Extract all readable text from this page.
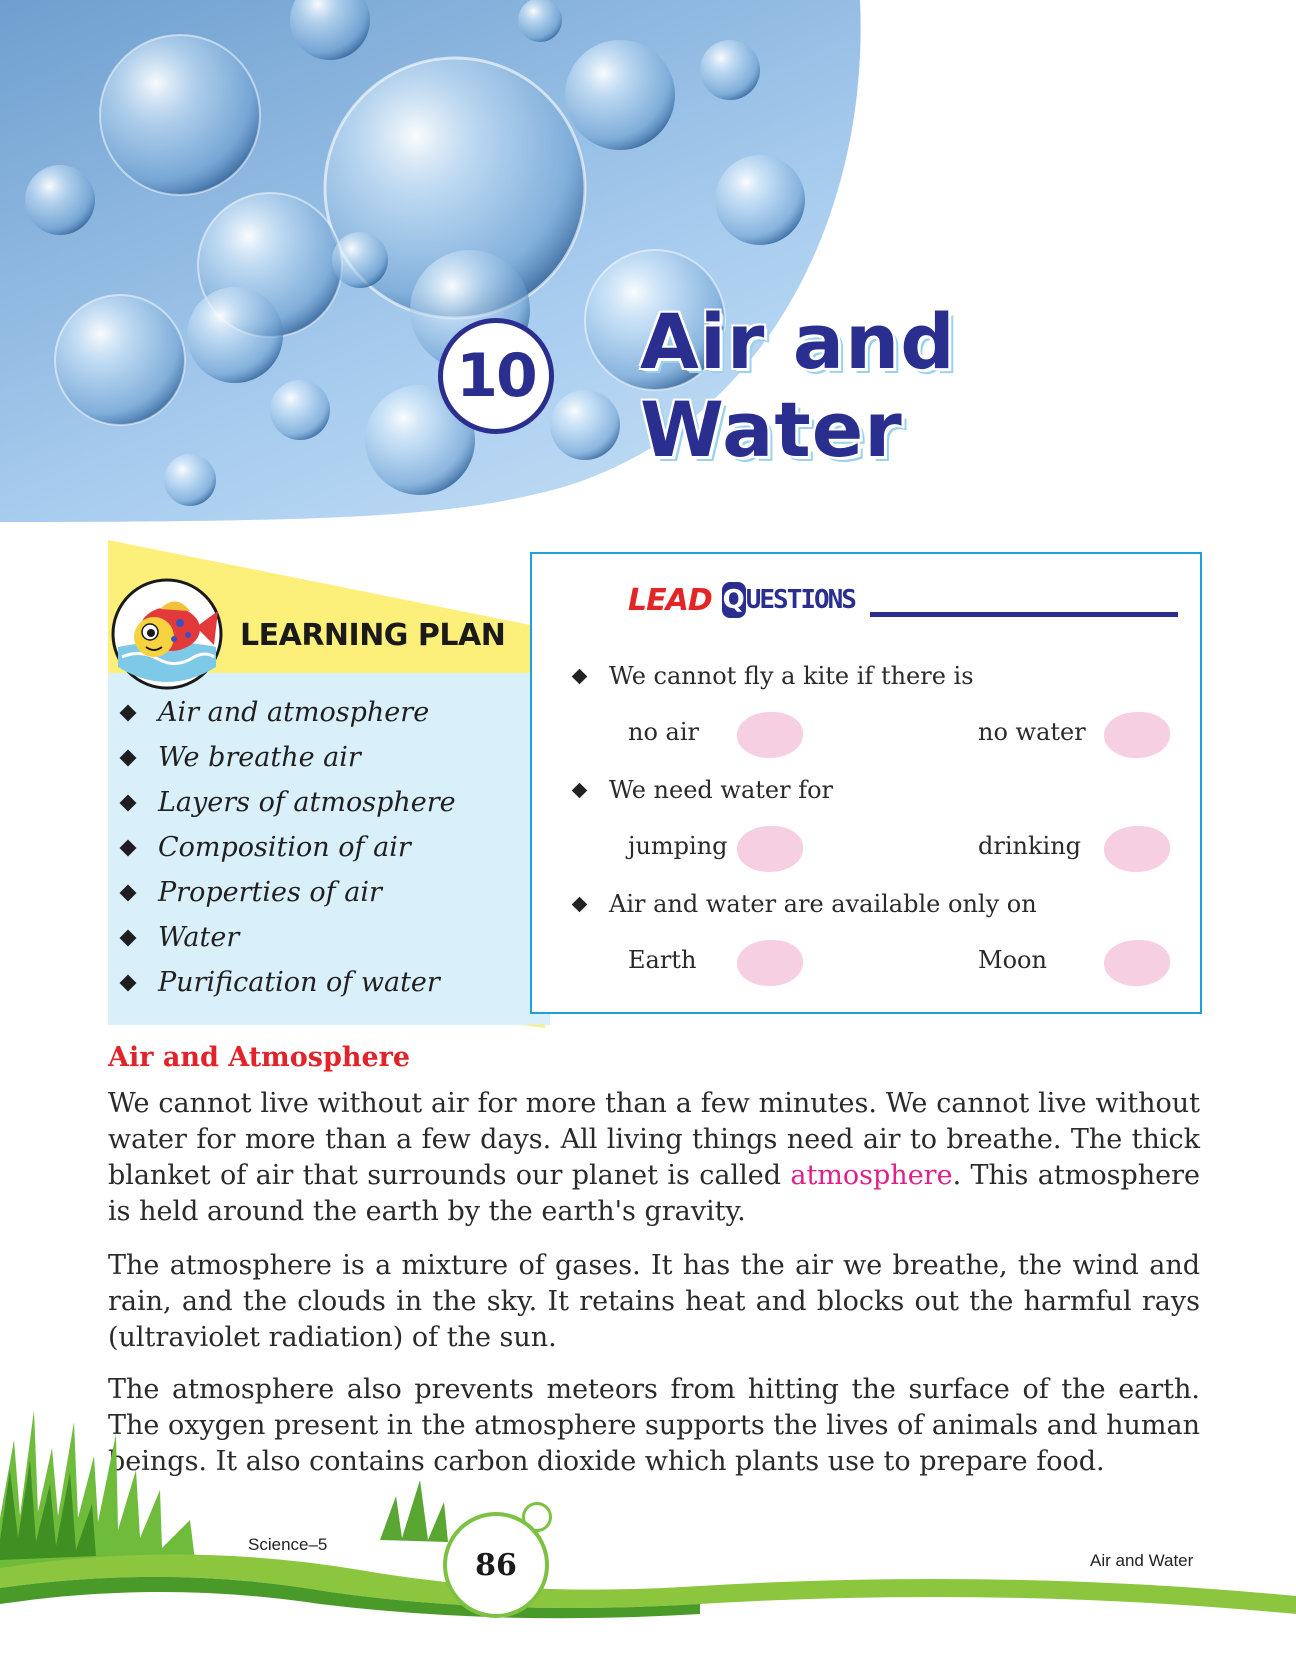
10 Air and
Water
LEARNING PLAN
Air and atmosphere
We breathe air
Layers of atmosphere
Composition of air
Properties of air
Water
Purification of water
LEAD Q UESTIONS
We cannot fly a kite if there is
no air	no water
We need water for
jumping	drinking
Air and water are available only on
Earth	Moon
Air and Atmosphere

We cannot live without air for more than a few minutes. We cannot live without water for more than a few days. All living things need air to breathe. The thick blanket of air that surrounds our planet is called atmosphere. This atmosphere is held around the earth by the earth's gravity.

The atmosphere is a mixture of gases. It has the air we breathe, the wind and rain, and the clouds in the sky. It retains heat and blocks out the harmful rays (ultraviolet radiation) of the sun.

The atmosphere also prevents meteors from hitting the surface of the earth. The oxygen present in the atmosphere supports the lives of animals and human beings. It also contains carbon dioxide which plants use to prepare food.

86
Science–5
Air and Water
